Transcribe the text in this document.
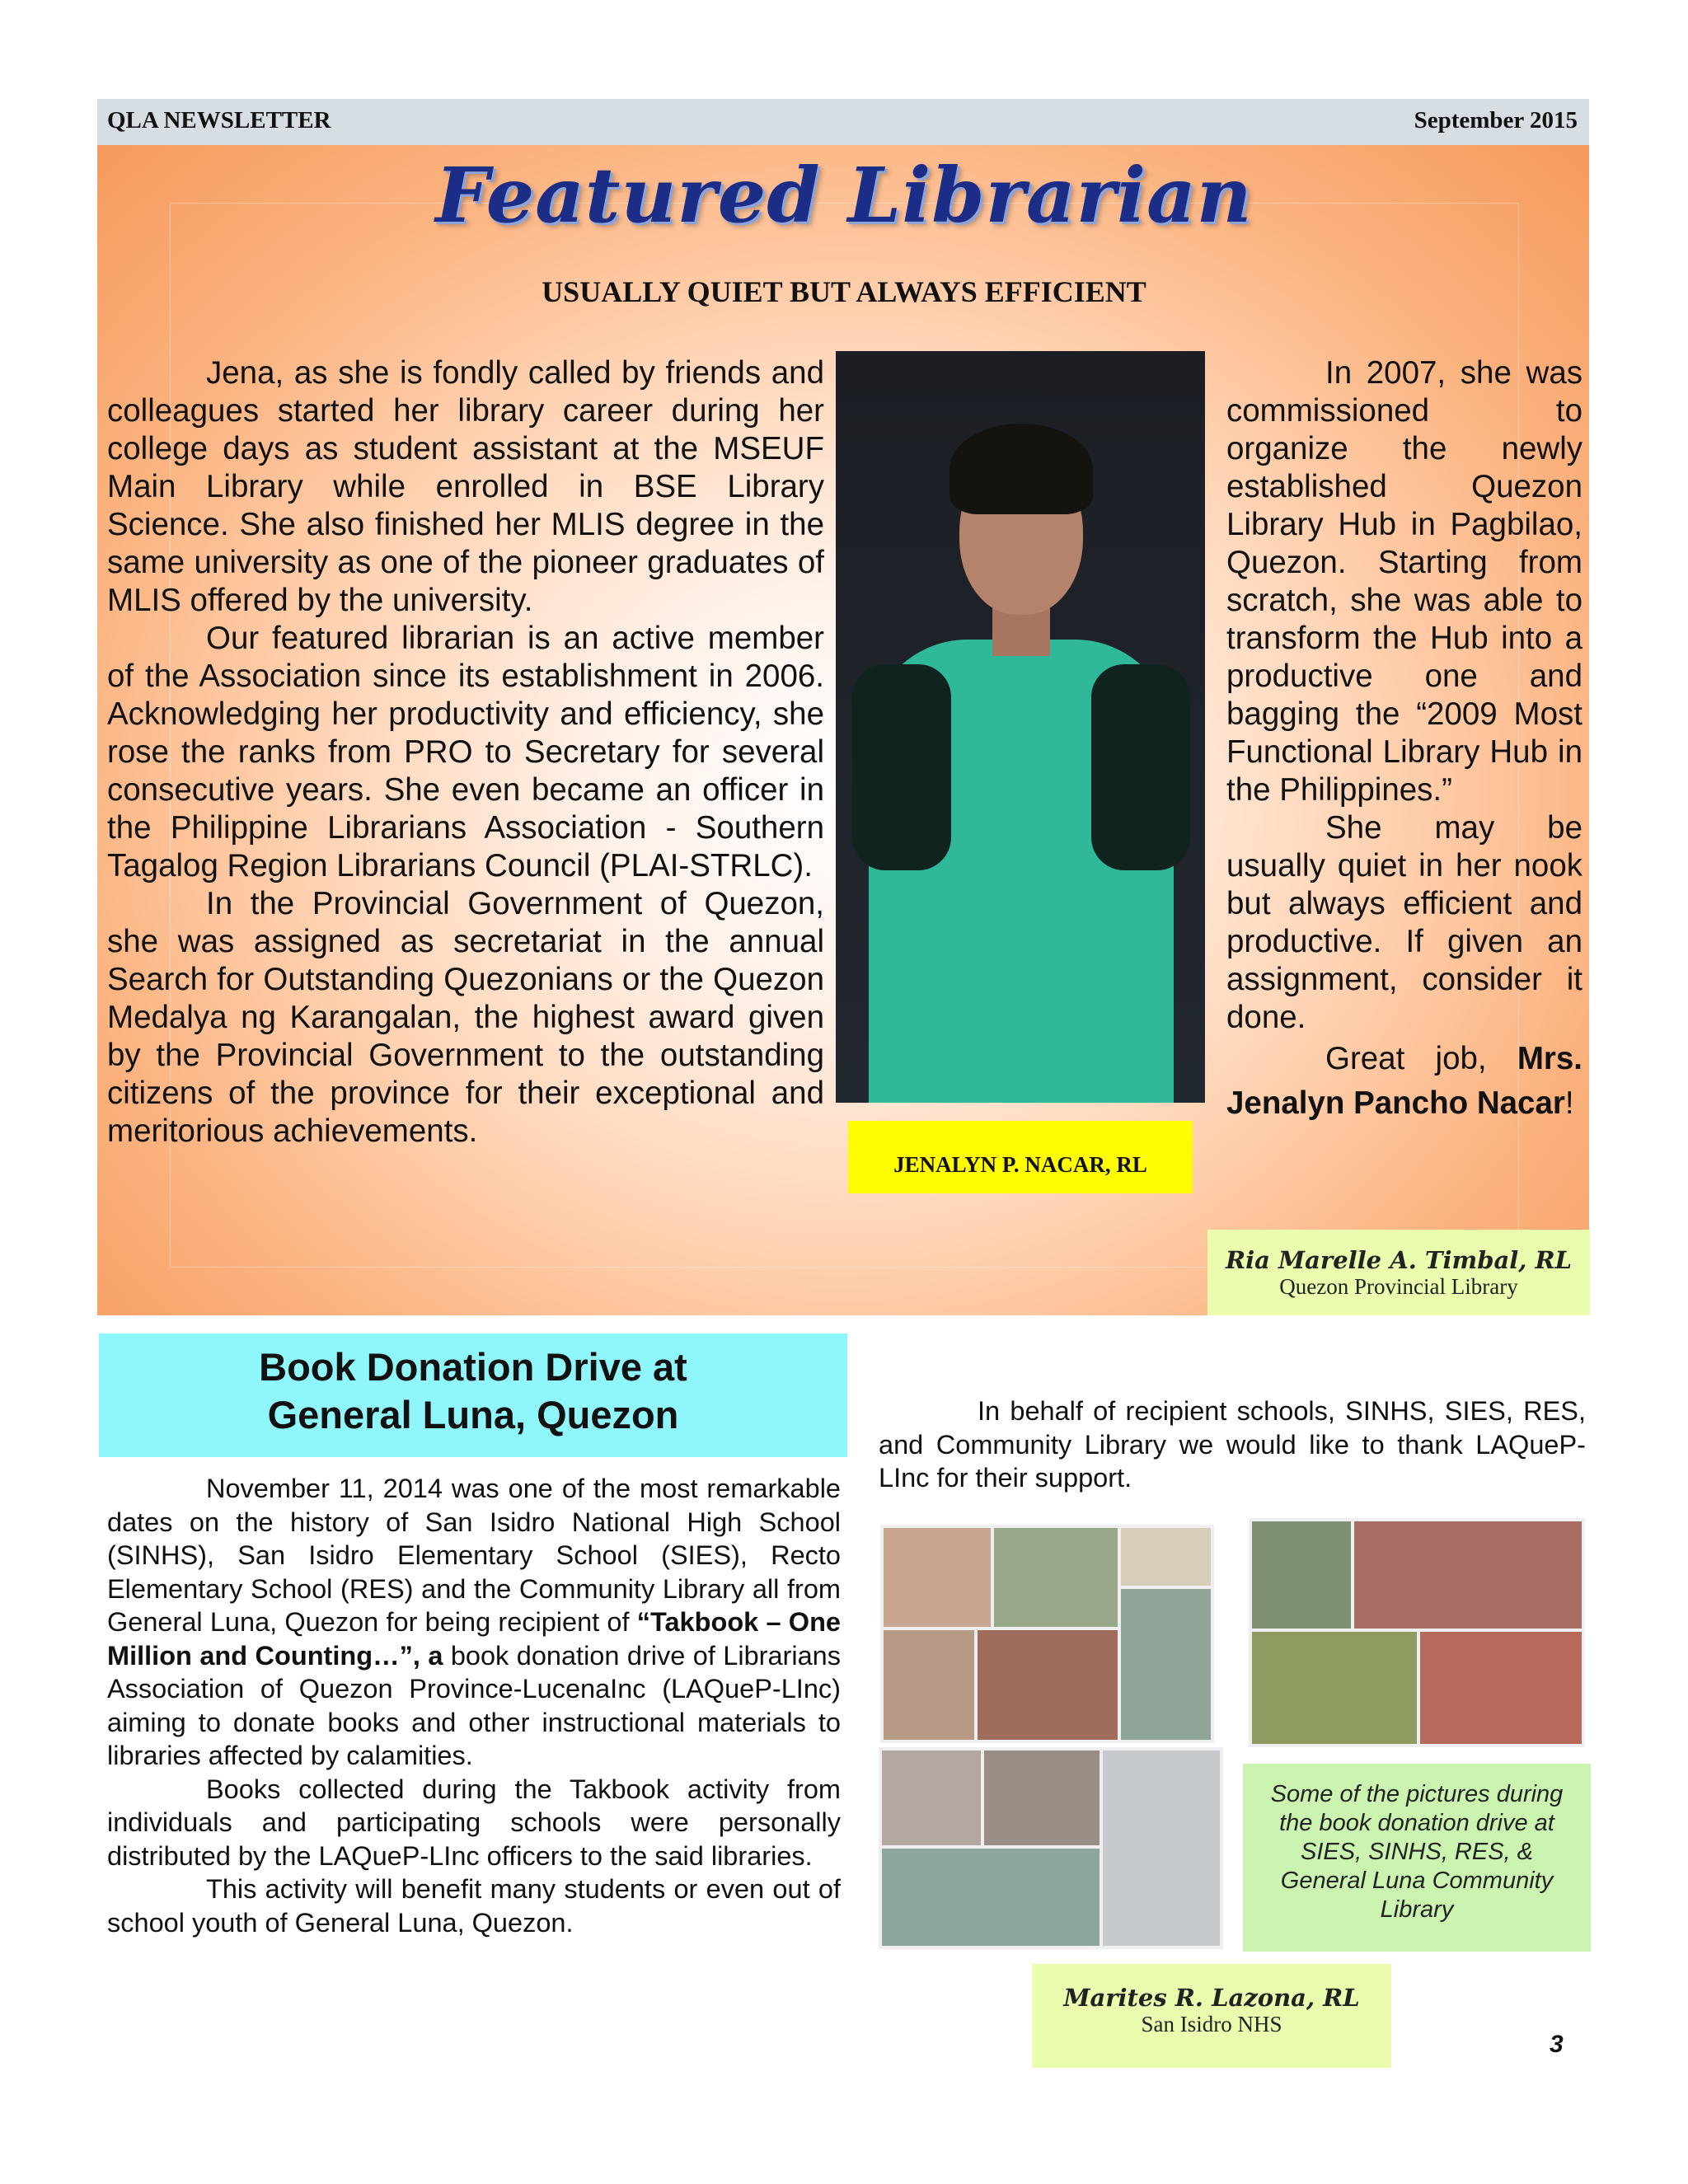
QLA NEWSLETTER	September 2015
Featured Librarian
USUALLY QUIET BUT ALWAYS EFFICIENT

Jena, as she is fondly called by friends and colleagues started her library career during her college days as student assistant at the MSEUF Main Library while enrolled in BSE Library Science. She also finished her MLIS degree in the same university as one of the pioneer graduates of MLIS offered by the university.

Our featured librarian is an active member of the Association since its establishment in 2006. Acknowledging her productivity and efficiency, she rose the ranks from PRO to Secretary for several consecutive years. She even became an officer in the Philippine Librarians Association - Southern Tagalog Region Librarians Council (PLAI-STRLC).

In the Provincial Government of Quezon, she was assigned as secretariat in the annual Search for Outstanding Quezonians or the Quezon Medalya ng Karangalan, the highest award given by the Provincial Government to the outstanding citizens of the province for their exceptional and meritorious achievements.

JENALYN P. NACAR, RL

In 2007, she was commissioned to organize the newly established Quezon Library Hub in Pagbilao, Quezon. Starting from scratch, she was able to transform the Hub into a productive one and bagging the “2009 Most Functional Library Hub in the Philippines.”

She may be usually quiet in her nook but always efficient and productive. If given an assignment, consider it done.

Great job, Mrs. Jenalyn Pancho Nacar!

Ria Marelle A. Timbal, RL
Quezon Provincial Library
Book Donation Drive at
General Luna, Quezon

November 11, 2014 was one of the most remarkable dates on the history of San Isidro National High School (SINHS), San Isidro Elementary School (SIES), Recto Elementary School (RES) and the Community Library all from General Luna, Quezon for being recipient of “Takbook – One Million and Counting…”, a book donation drive of Librarians Association of Quezon Province-LucenaInc (LAQueP-LInc) aiming to donate books and other instructional materials to libraries affected by calamities.

Books collected during the Takbook activity from individuals and participating schools were personally distributed by the LAQueP-LInc officers to the said libraries.

This activity will benefit many students or even out of school youth of General Luna, Quezon.

In behalf of recipient schools, SINHS, SIES, RES, and Community Library we would like to thank LAQueP-LInc for their support.

Some of the pictures during the book donation drive at SIES, SINHS, RES, & General Luna Community Library
Marites R. Lazona, RL
San Isidro NHS
3
